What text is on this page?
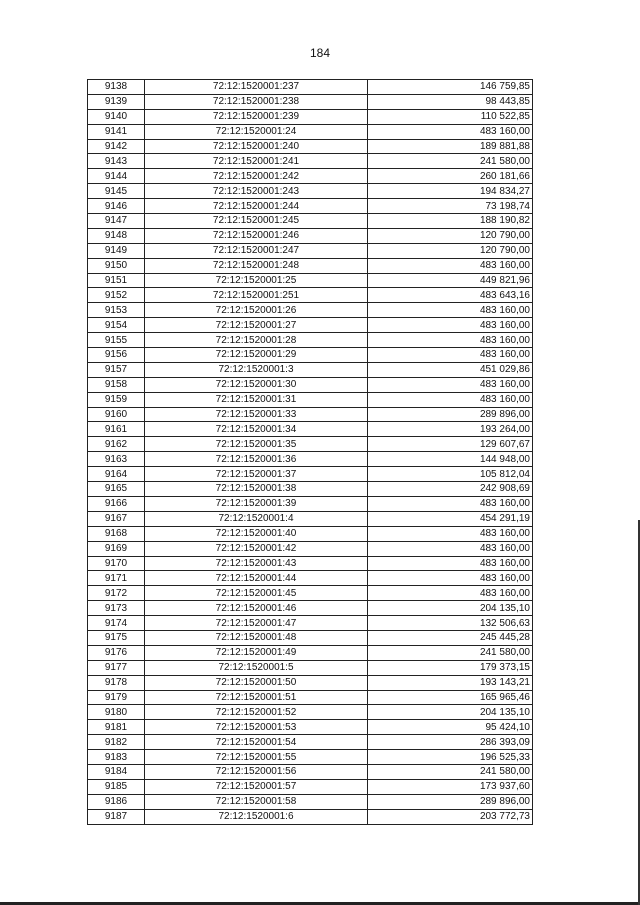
184
9138	72:12:1520001:237	146 759,85
9139	72:12:1520001:238	98 443,85
9140	72:12:1520001:239	110 522,85
9141	72:12:1520001:24	483 160,00
9142	72:12:1520001:240	189 881,88
9143	72:12:1520001:241	241 580,00
9144	72:12:1520001:242	260 181,66
9145	72:12:1520001:243	194 834,27
9146	72:12:1520001:244	73 198,74
9147	72:12:1520001:245	188 190,82
9148	72:12:1520001:246	120 790,00
9149	72:12:1520001:247	120 790,00
9150	72:12:1520001:248	483 160,00
9151	72:12:1520001:25	449 821,96
9152	72:12:1520001:251	483 643,16
9153	72:12:1520001:26	483 160,00
9154	72:12:1520001:27	483 160,00
9155	72:12:1520001:28	483 160,00
9156	72:12:1520001:29	483 160,00
9157	72:12:1520001:3	451 029,86
9158	72:12:1520001:30	483 160,00
9159	72:12:1520001:31	483 160,00
9160	72:12:1520001:33	289 896,00
9161	72:12:1520001:34	193 264,00
9162	72:12:1520001:35	129 607,67
9163	72:12:1520001:36	144 948,00
9164	72:12:1520001:37	105 812,04
9165	72:12:1520001:38	242 908,69
9166	72:12:1520001:39	483 160,00
9167	72:12:1520001:4	454 291,19
9168	72:12:1520001:40	483 160,00
9169	72:12:1520001:42	483 160,00
9170	72:12:1520001:43	483 160,00
9171	72:12:1520001:44	483 160,00
9172	72:12:1520001:45	483 160,00
9173	72:12:1520001:46	204 135,10
9174	72:12:1520001:47	132 506,63
9175	72:12:1520001:48	245 445,28
9176	72:12:1520001:49	241 580,00
9177	72:12:1520001:5	179 373,15
9178	72:12:1520001:50	193 143,21
9179	72:12:1520001:51	165 965,46
9180	72:12:1520001:52	204 135,10
9181	72:12:1520001:53	95 424,10
9182	72:12:1520001:54	286 393,09
9183	72:12:1520001:55	196 525,33
9184	72:12:1520001:56	241 580,00
9185	72:12:1520001:57	173 937,60
9186	72:12:1520001:58	289 896,00
9187	72:12:1520001:6	203 772,73
